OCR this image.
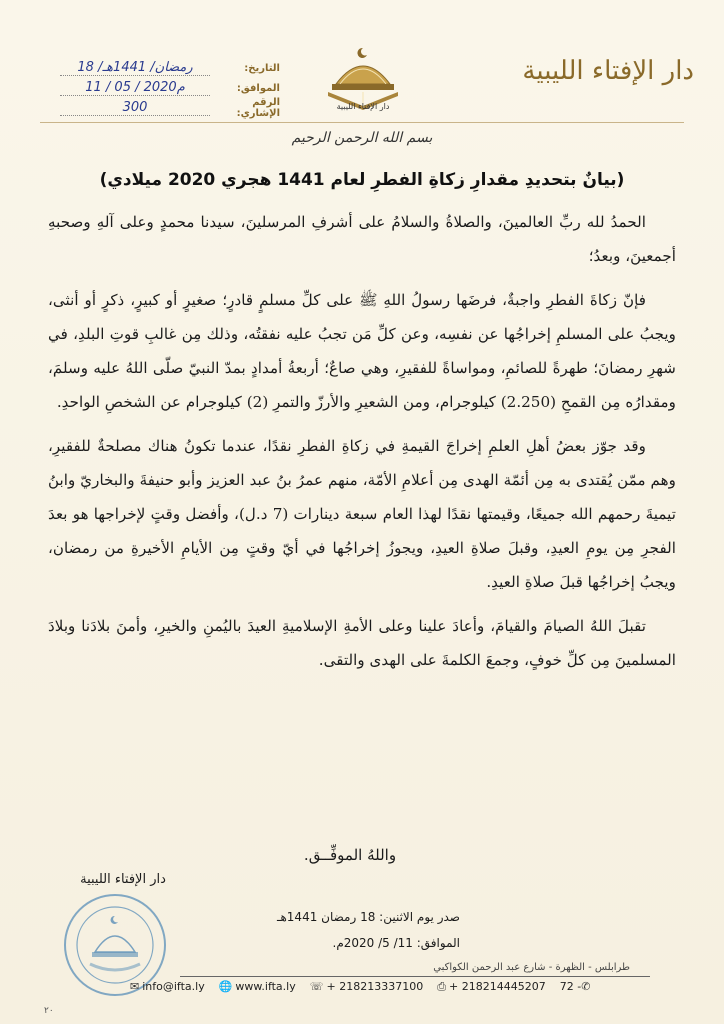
دار الإفتاء الليبية
دار الإفتاء الليبية
التاريخ:
18 /رمضان/ 1441هـ
الموافق:
11 / 05 / 2020م
الرقم الإشاري:
300
بسم الله الرحمن الرحيم
(بيانٌ بتحديدِ مقدارِ زكاةِ الفطرِ لعام 1441 هجري 2020 ميلادي)

الحمدُ لله ربِّ العالمينَ، والصلاةُ والسلامُ على أشرفِ المرسلينَ، سيدنا محمدٍ وعلى آلهِ وصحبهِ أجمعينَ، وبعدُ؛

فإنّ زكاةَ الفطرِ واجبةٌ، فرضَها رسولُ اللهِ ﷺ على كلِّ مسلمٍ قادرٍ؛ صغيرٍ أو كبيرٍ، ذكرٍ أو أنثى، ويجبُ على المسلمِ إخراجُها عن نفسِه، وعن كلِّ مَن تجبُ عليه نفقتُه، وذلك مِن غالبِ قوتِ البلدِ، في شهرِ رمضانَ؛ طهرةً للصائمِ، ومواساةً للفقيرِ، وهي صاعٌ؛ أربعةُ أمدادٍ بمدّ النبيّ صلّى اللهُ عليه وسلمَ، ومقدارُه مِن القمحِ (2.250) كيلوجرام، ومن الشعيرِ والأرزّ والتمرِ (2) كيلوجرام عن الشخصِ الواحدِ.

وقد جوّز بعضُ أهلِ العلمِ إخراجَ القيمةِ في زكاةِ الفطرِ نقدًا، عندما تكونُ هناك مصلحةٌ للفقيرِ، وهم ممّن يُقتدى به مِن أئمّة الهدى مِن أعلامِ الأمّة، منهم عمرُ بنُ عبد العزيز وأبو حنيفةَ والبخاريّ وابنُ تيميةَ رحمهم الله جميعًا، وقيمتها نقدًا لهذا العام سبعة دينارات (7 د.ل)، وأفضل وقتٍ لإخراجها هو بعدَ الفجرِ مِن يومِ العيدِ، وقبلَ صلاةِ العيدِ، ويجوزُ إخراجُها في أيّ وقتٍ مِن الأيامِ الأخيرةِ من رمضان، ويجبُ إخراجُها قبلَ صلاةِ العيدِ.

تقبلَ اللهُ الصيامَ والقيامَ، وأعادَ علينا وعلى الأمةِ الإسلاميةِ العيدَ باليُمنِ والخيرِ، وأمنَ بلادَنا وبلادَ المسلمينَ مِن كلِّ خوفٍ، وجمعَ الكلمةَ على الهدى والتقى.

واللهُ الموفِّــق.
دار الإفتاء الليبية
صدر يوم الاثنين: 18 رمضان 1441هـ
الموافق: 11/ 5/ 2020م.
طرابلس - الظهرة - شارع عبد الرحمن الكواكبي
✉ info@ifta.ly 🌐 www.ifta.ly ☏ + 218213337100 ⎙ + 218214445207 72 -✆
٢٠
